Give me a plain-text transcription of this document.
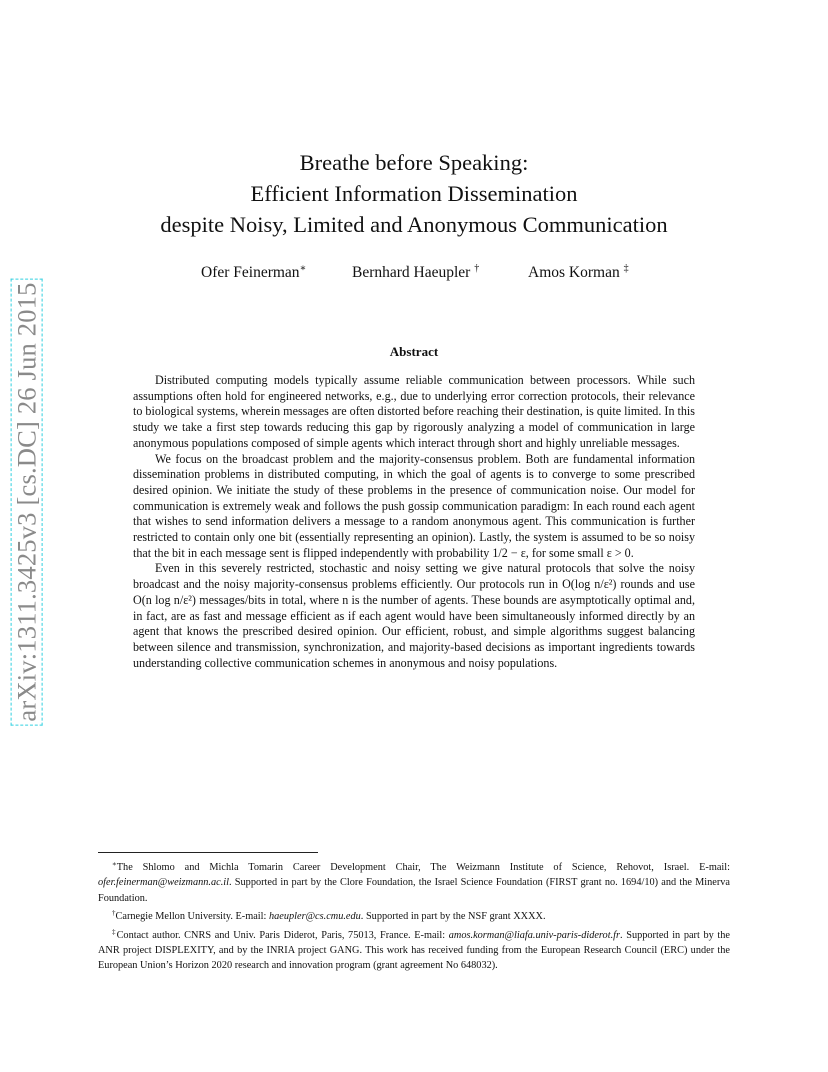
arXiv:1311.3425v3 [cs.DC] 26 Jun 2015
Breathe before Speaking:
Efficient Information Dissemination
despite Noisy, Limited and Anonymous Communication
Ofer Feinerman∗	Bernhard Haeupler †	Amos Korman ‡
Abstract

Distributed computing models typically assume reliable communication between processors. While such assumptions often hold for engineered networks, e.g., due to underlying error correction protocols, their relevance to biological systems, wherein messages are often distorted before reaching their destination, is quite limited. In this study we take a first step towards reducing this gap by rigorously analyzing a model of communication in large anonymous populations composed of simple agents which interact through short and highly unreliable messages.

We focus on the broadcast problem and the majority-consensus problem. Both are fundamental information dissemination problems in distributed computing, in which the goal of agents is to converge to some prescribed desired opinion. We initiate the study of these problems in the presence of communication noise. Our model for communication is extremely weak and follows the push gossip communication paradigm: In each round each agent that wishes to send information delivers a message to a random anonymous agent. This communication is further restricted to contain only one bit (essentially representing an opinion). Lastly, the system is assumed to be so noisy that the bit in each message sent is flipped independently with probability 1/2 − ε, for some small ε > 0.

Even in this severely restricted, stochastic and noisy setting we give natural protocols that solve the noisy broadcast and the noisy majority-consensus problems efficiently. Our protocols run in O(log n/ε²) rounds and use O(n log n/ε²) messages/bits in total, where n is the number of agents. These bounds are asymptotically optimal and, in fact, are as fast and message efficient as if each agent would have been simultaneously informed directly by an agent that knows the prescribed desired opinion. Our efficient, robust, and simple algorithms suggest balancing between silence and transmission, synchronization, and majority-based decisions as important ingredients towards understanding collective communication schemes in anonymous and noisy populations.

∗The Shlomo and Michla Tomarin Career Development Chair, The Weizmann Institute of Science, Rehovot, Israel. E-mail: ofer.feinerman@weizmann.ac.il. Supported in part by the Clore Foundation, the Israel Science Foundation (FIRST grant no. 1694/10) and the Minerva Foundation.

†Carnegie Mellon University. E-mail: haeupler@cs.cmu.edu. Supported in part by the NSF grant XXXX.

‡Contact author. CNRS and Univ. Paris Diderot, Paris, 75013, France. E-mail: amos.korman@liafa.univ-paris-diderot.fr. Supported in part by the ANR project DISPLEXITY, and by the INRIA project GANG. This work has received funding from the European Research Council (ERC) under the European Union’s Horizon 2020 research and innovation program (grant agreement No 648032).
